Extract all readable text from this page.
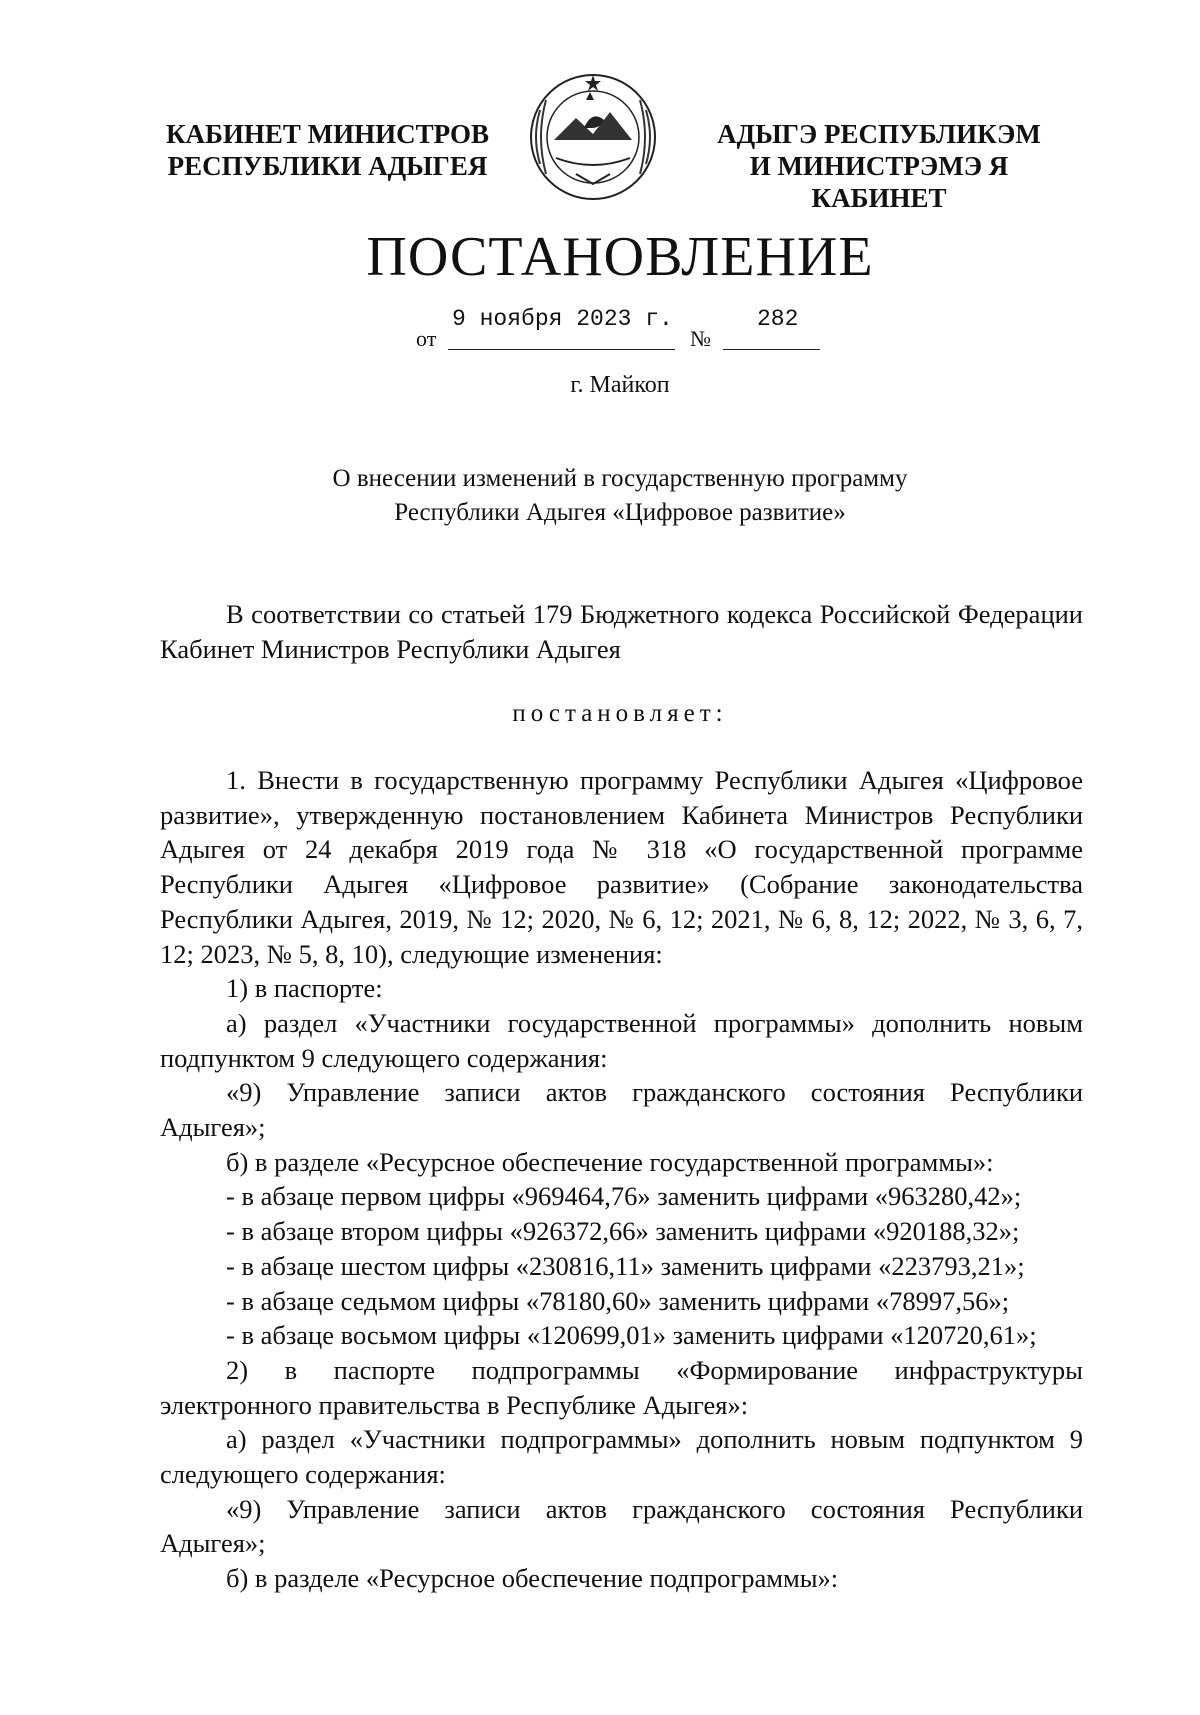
КАБИНЕТ МИНИСТРОВ
РЕСПУБЛИКИ АДЫГЕЯ
АДЫГЭ РЕСПУБЛИКЭМ
И МИНИСТРЭМЭ Я КАБИНЕТ
ПОСТАНОВЛЕНИЕ
от
9 ноября 2023 г.
№
282
г. Майкоп
О внесении изменений в государственную программу
Республики Адыгея «Цифровое развитие»

В соответствии со статьей 179 Бюджетного кодекса Российской Федерации Кабинет Министров Республики Адыгея

постановляет:

1. Внести в государственную программу Республики Адыгея «Цифровое развитие», утвержденную постановлением Кабинета Министров Республики Адыгея от 24 декабря 2019 года № 318 «О государственной программе Республики Адыгея «Цифровое развитие» (Собрание законодательства Республики Адыгея, 2019, № 12; 2020, № 6, 12; 2021, № 6, 8, 12; 2022, № 3, 6, 7, 12; 2023, № 5, 8, 10), следующие изменения:

1) в паспорте:

а) раздел «Участники государственной программы» дополнить новым подпунктом 9 следующего содержания:

«9) Управление записи актов гражданского состояния Республики Адыгея»;

б) в разделе «Ресурсное обеспечение государственной программы»:

- в абзаце первом цифры «969464,76» заменить цифрами «963280,42»;

- в абзаце втором цифры «926372,66» заменить цифрами «920188,32»;

- в абзаце шестом цифры «230816,11» заменить цифрами «223793,21»;

- в абзаце седьмом цифры «78180,60» заменить цифрами «78997,56»;

- в абзаце восьмом цифры «120699,01» заменить цифрами «120720,61»;

2) в паспорте подпрограммы «Формирование инфраструктуры электронного правительства в Республике Адыгея»:

а) раздел «Участники подпрограммы» дополнить новым подпунктом 9 следующего содержания:

«9) Управление записи актов гражданского состояния Республики Адыгея»;

б) в разделе «Ресурсное обеспечение подпрограммы»:
